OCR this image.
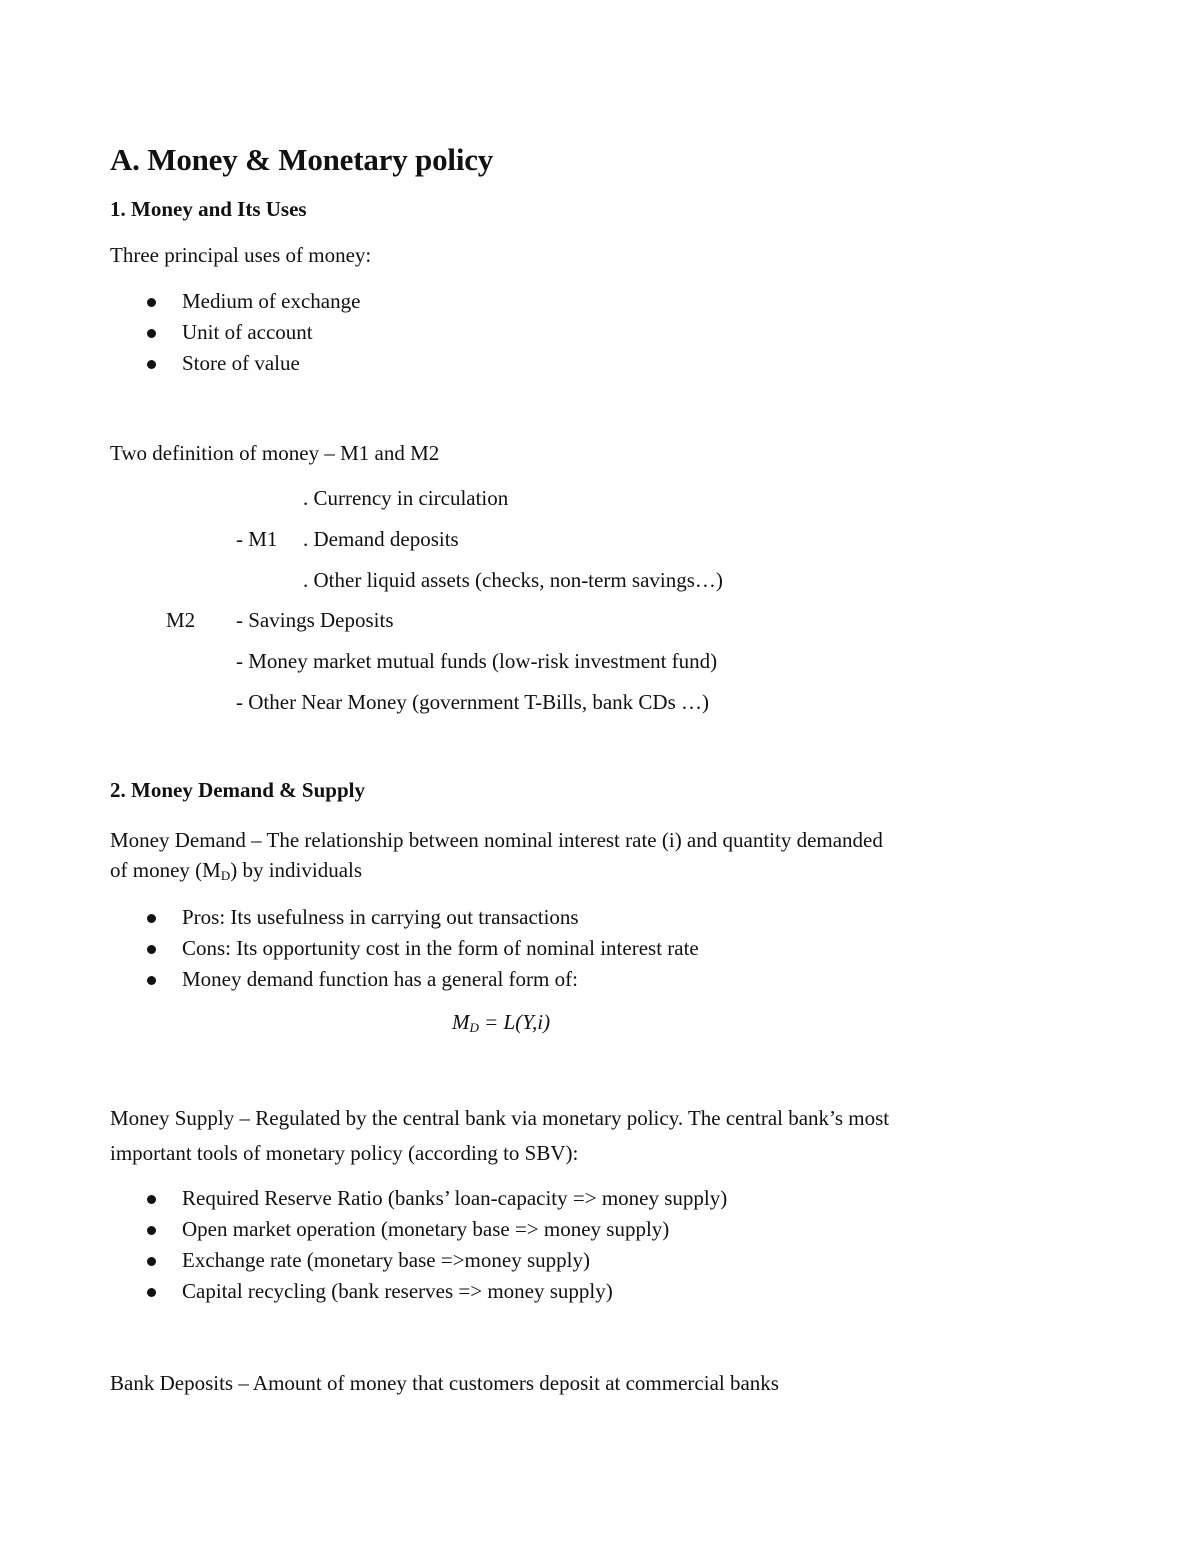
A. Money & Monetary policy
1. Money and Its Uses
Three principal uses of money:
Medium of exchange
Unit of account
Store of value
Two definition of money – M1 and M2
. Currency in circulation
- M1 . Demand deposits
. Other liquid assets (checks, non-term savings…)
M2 - Savings Deposits
- Money market mutual funds (low-risk investment fund)
- Other Near Money (government T-Bills, bank CDs …)
2. Money Demand & Supply
Money Demand – The relationship between nominal interest rate (i) and quantity demanded of money $(M_D)$ by individuals
Pros: Its usefulness in carrying out transactions
Cons: Its opportunity cost in the form of nominal interest rate
Money demand function has a general form of:
$M_D = L(Y,i)$
Money Supply – Regulated by the central bank via monetary policy. The central bank’s most important tools of monetary policy (according to SBV):
Required Reserve Ratio (banks’ loan-capacity => money supply)
Open market operation (monetary base => money supply)
Exchange rate (monetary base =>money supply)
Capital recycling (bank reserves => money supply)
Bank Deposits – Amount of money that customers deposit at commercial banks
